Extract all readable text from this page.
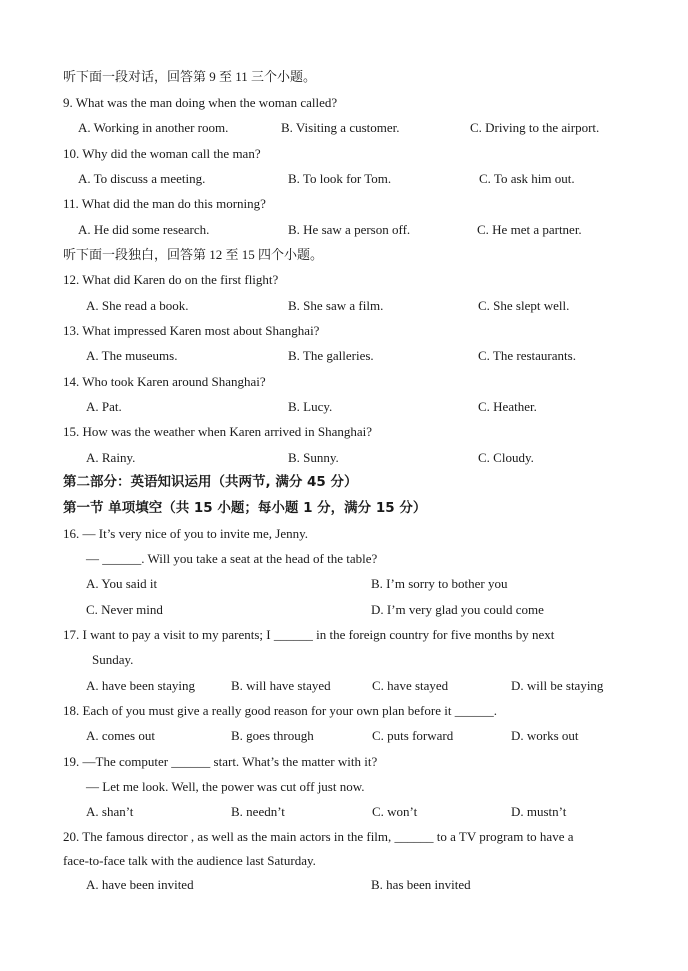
听下面一段对话，回答第 9 至 11 三个小题。
9. What was the man doing when the woman called?
A. Working in another room.	B. Visiting a customer.	C. Driving to the airport.
10. Why did the woman call the man?
A. To discuss a meeting.	B. To look for Tom.	C. To ask him out.
11. What did the man do this morning?
A. He did some research.	B. He saw a person off.	C. He met a partner.
听下面一段独白，回答第 12 至 15 四个小题。
12. What did Karen do on the first flight?
A. She read a book.	B. She saw a film.	C. She slept well.
13. What impressed Karen most about Shanghai?
A. The museums.	B. The galleries.	C. The restaurants.
14. Who took Karen around Shanghai?
A. Pat.	B. Lucy.	C. Heather.
15. How was the weather when Karen arrived in Shanghai?
A. Rainy.	B. Sunny.	C. Cloudy.
第二部分：英语知识运用（共两节, 满分 45 分）
第一节 单项填空（共 15 小题；每小题 1 分，满分 15 分）
16. — It’s very nice of you to invite me, Jenny.
— ______. Will you take a seat at the head of the table?
A. You said it	B. I’m sorry to bother you
C. Never mind	D. I’m very glad you could come
17. I want to pay a visit to my parents; I ______ in the foreign country for five months by next
Sunday.
A. have been staying	B. will have stayed	C. have stayed	D. will be staying
18. Each of you must give a really good reason for your own plan before it ______.
A. comes out	B. goes through	C. puts forward	D. works out
19. —The computer ______ start. What’s the matter with it?
— Let me look. Well, the power was cut off just now.
A. shan’t	B. needn’t	C. won’t	D. mustn’t
20. The famous director , as well as the main actors in the film, ______ to a TV program to have a
face-to-face talk with the audience last Saturday.
A. have been invited	B. has been invited
